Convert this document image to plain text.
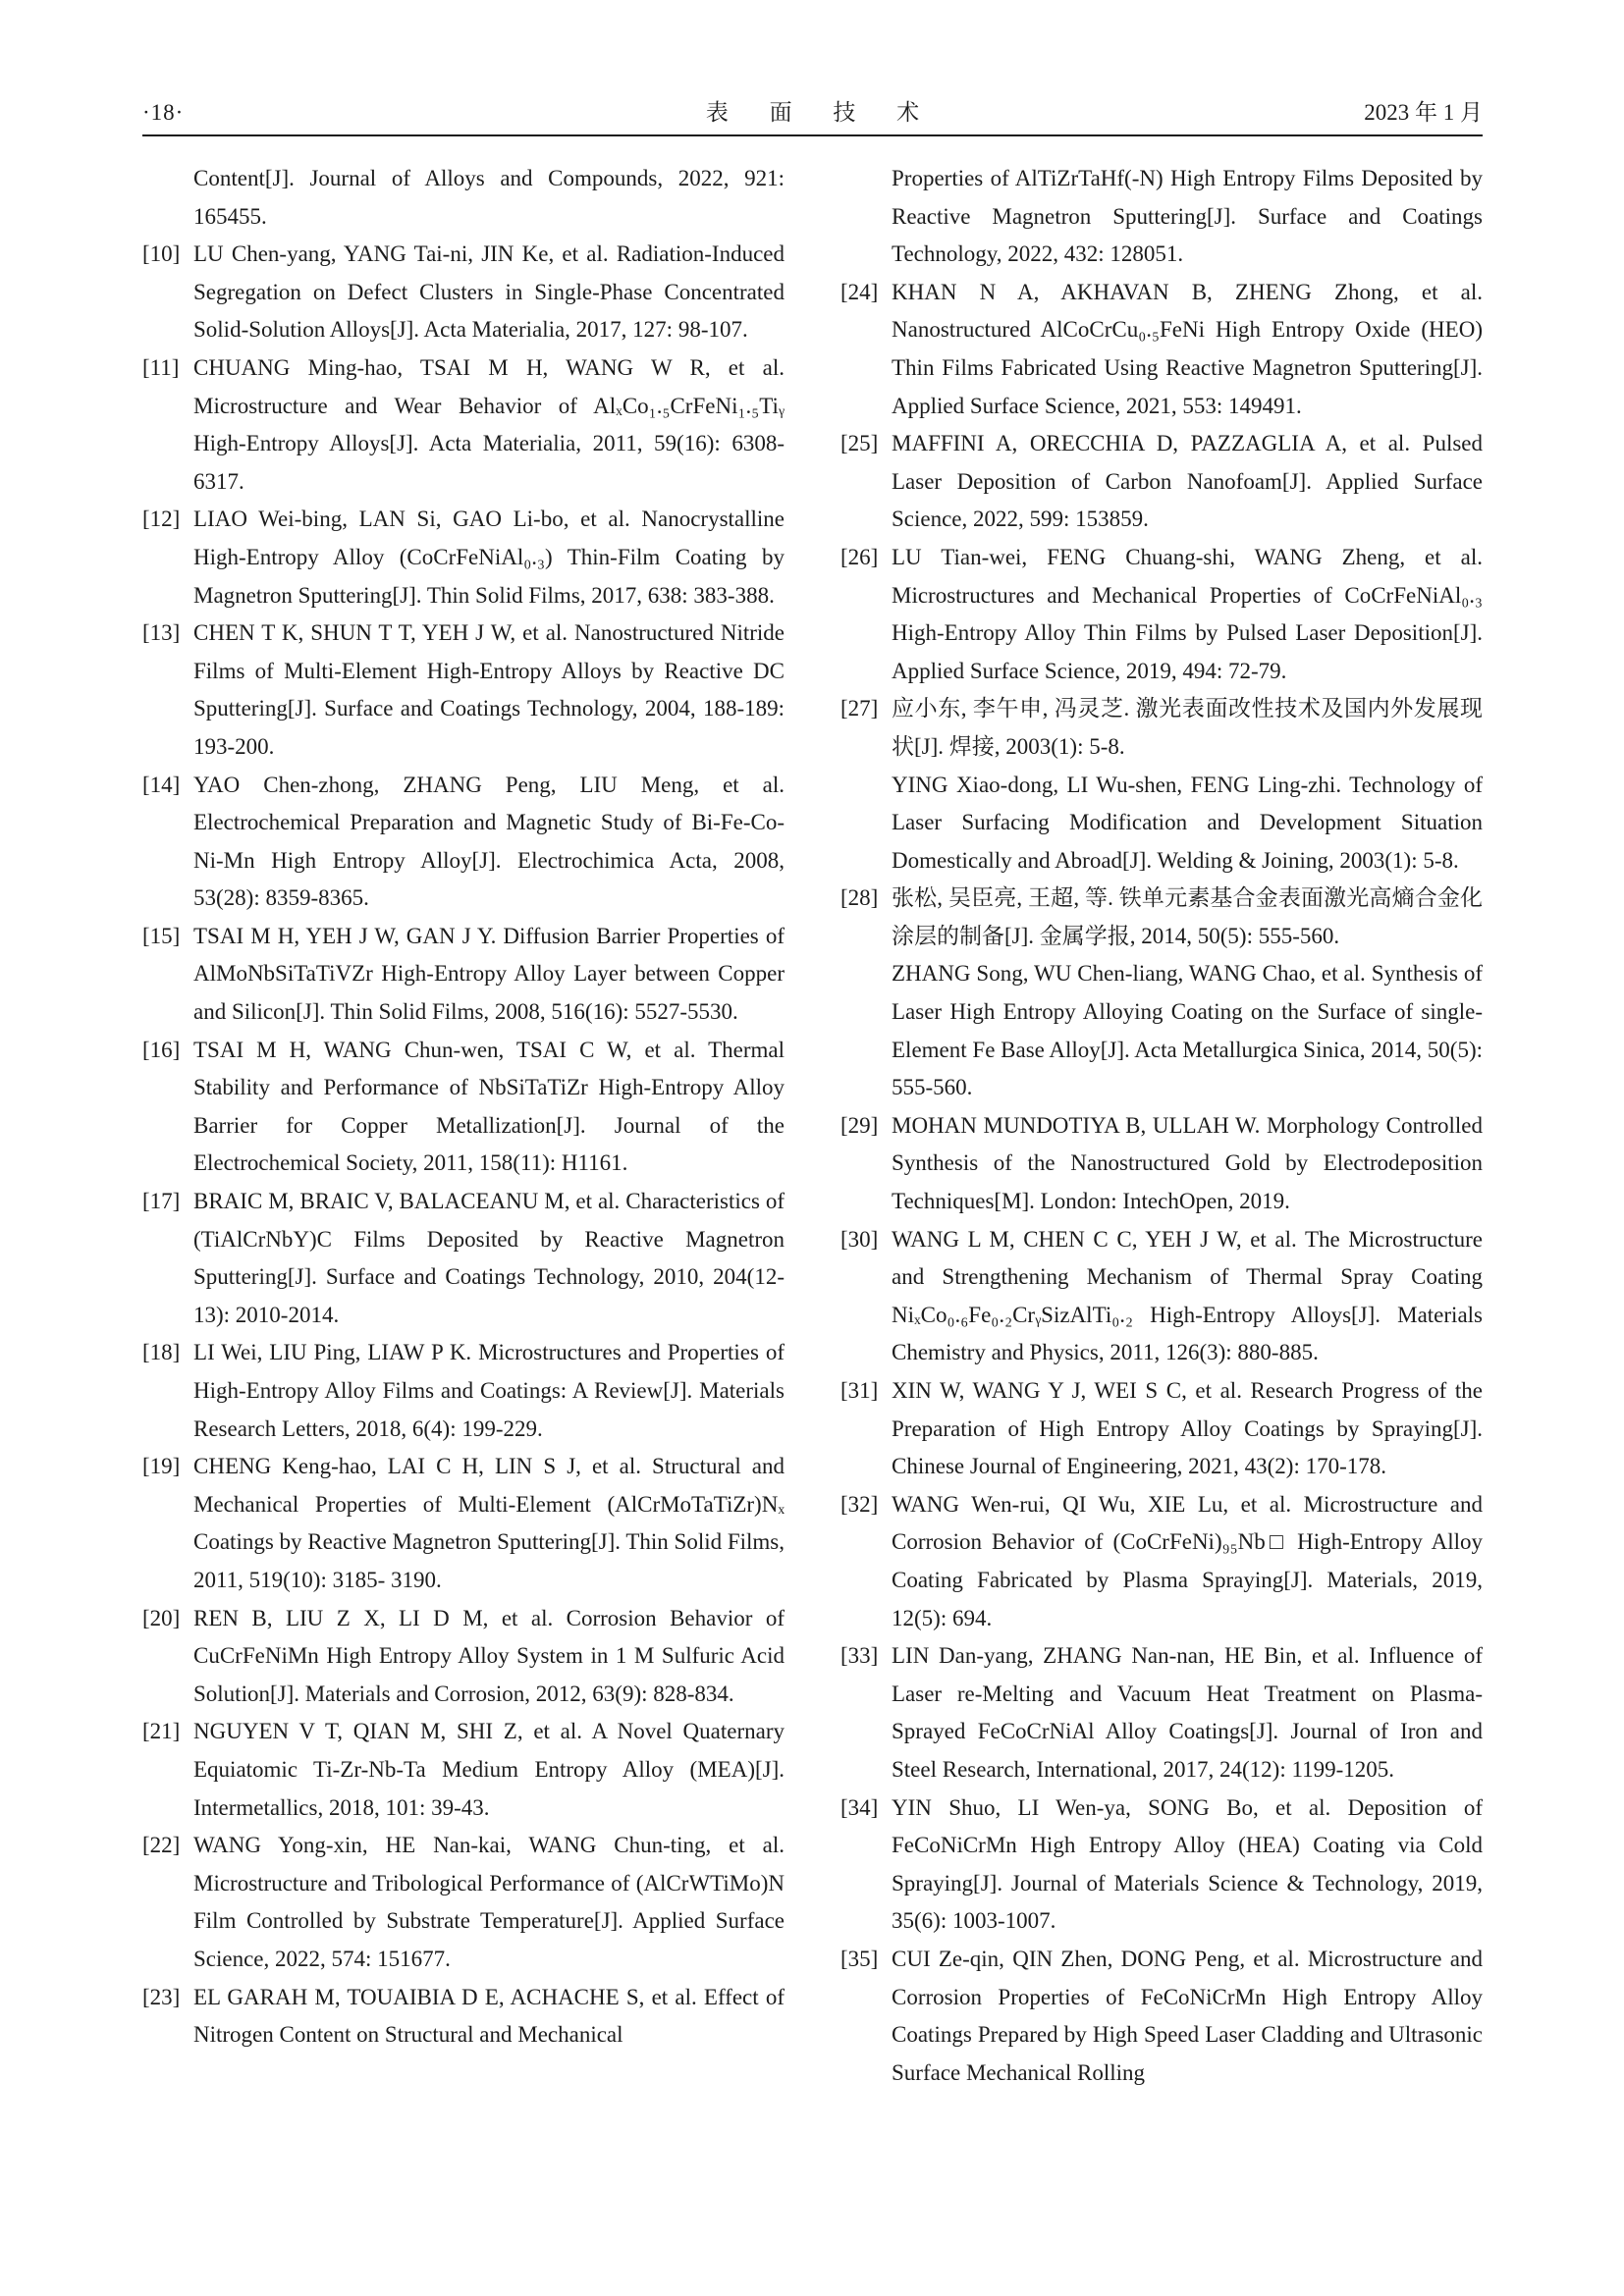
·18·	表 面 技 术	2023 年 1 月
Content[J]. Journal of Alloys and Compounds, 2022, 921: 165455.
[10] LU Chen-yang, YANG Tai-ni, JIN Ke, et al. Radiation-Induced Segregation on Defect Clusters in Single-Phase Concentrated Solid-Solution Alloys[J]. Acta Materialia, 2017, 127: 98-107.
[11] CHUANG Ming-hao, TSAI M H, WANG W R, et al. Microstructure and Wear Behavior of AlₓCo₁.₅CrFeNi₁.₅Tiᵧ High-Entropy Alloys[J]. Acta Materialia, 2011, 59(16): 6308-6317.
[12] LIAO Wei-bing, LAN Si, GAO Li-bo, et al. Nanocrystalline High-Entropy Alloy (CoCrFeNiAl₀.₃) Thin-Film Coating by Magnetron Sputtering[J]. Thin Solid Films, 2017, 638: 383-388.
[13] CHEN T K, SHUN T T, YEH J W, et al. Nanostructured Nitride Films of Multi-Element High-Entropy Alloys by Reactive DC Sputtering[J]. Surface and Coatings Technology, 2004, 188-189: 193-200.
[14] YAO Chen-zhong, ZHANG Peng, LIU Meng, et al. Electrochemical Preparation and Magnetic Study of Bi-Fe-Co-Ni-Mn High Entropy Alloy[J]. Electrochimica Acta, 2008, 53(28): 8359-8365.
[15] TSAI M H, YEH J W, GAN J Y. Diffusion Barrier Properties of AlMoNbSiTaTiVZr High-Entropy Alloy Layer between Copper and Silicon[J]. Thin Solid Films, 2008, 516(16): 5527-5530.
[16] TSAI M H, WANG Chun-wen, TSAI C W, et al. Thermal Stability and Performance of NbSiTaTiZr High-Entropy Alloy Barrier for Copper Metallization[J]. Journal of the Electrochemical Society, 2011, 158(11): H1161.
[17] BRAIC M, BRAIC V, BALACEANU M, et al. Characteristics of (TiAlCrNbY)C Films Deposited by Reactive Magnetron Sputtering[J]. Surface and Coatings Technology, 2010, 204(12-13): 2010-2014.
[18] LI Wei, LIU Ping, LIAW P K. Microstructures and Properties of High-Entropy Alloy Films and Coatings: A Review[J]. Materials Research Letters, 2018, 6(4): 199-229.
[19] CHENG Keng-hao, LAI C H, LIN S J, et al. Structural and Mechanical Properties of Multi-Element (AlCrMoTaTiZr)Nₓ Coatings by Reactive Magnetron Sputtering[J]. Thin Solid Films, 2011, 519(10): 3185- 3190.
[20] REN B, LIU Z X, LI D M, et al. Corrosion Behavior of CuCrFeNiMn High Entropy Alloy System in 1 M Sulfuric Acid Solution[J]. Materials and Corrosion, 2012, 63(9): 828-834.
[21] NGUYEN V T, QIAN M, SHI Z, et al. A Novel Quaternary Equiatomic Ti-Zr-Nb-Ta Medium Entropy Alloy (MEA)[J]. Intermetallics, 2018, 101: 39-43.
[22] WANG Yong-xin, HE Nan-kai, WANG Chun-ting, et al. Microstructure and Tribological Performance of (AlCrWTiMo)N Film Controlled by Substrate Temperature[J]. Applied Surface Science, 2022, 574: 151677.
[23] EL GARAH M, TOUAIBIA D E, ACHACHE S, et al. Effect of Nitrogen Content on Structural and Mechanical
Properties of AlTiZrTaHf(-N) High Entropy Films Deposited by Reactive Magnetron Sputtering[J]. Surface and Coatings Technology, 2022, 432: 128051.
[24] KHAN N A, AKHAVAN B, ZHENG Zhong, et al. Nanostructured AlCoCrCu₀.₅FeNi High Entropy Oxide (HEO) Thin Films Fabricated Using Reactive Magnetron Sputtering[J]. Applied Surface Science, 2021, 553: 149491.
[25] MAFFINI A, ORECCHIA D, PAZZAGLIA A, et al. Pulsed Laser Deposition of Carbon Nanofoam[J]. Applied Surface Science, 2022, 599: 153859.
[26] LU Tian-wei, FENG Chuang-shi, WANG Zheng, et al. Microstructures and Mechanical Properties of CoCrFeNiAl₀.₃ High-Entropy Alloy Thin Films by Pulsed Laser Deposition[J]. Applied Surface Science, 2019, 494: 72-79.
[27] 应小东, 李午申, 冯灵芝. 激光表面改性技术及国内外发展现状[J]. 焊接, 2003(1): 5-8.
YING Xiao-dong, LI Wu-shen, FENG Ling-zhi. Technology of Laser Surfacing Modification and Development Situation Domestically and Abroad[J]. Welding & Joining, 2003(1): 5-8.
[28] 张松, 吴臣亮, 王超, 等. 铁单元素基合金表面激光高熵合金化涂层的制备[J]. 金属学报, 2014, 50(5): 555-560.
ZHANG Song, WU Chen-liang, WANG Chao, et al. Synthesis of Laser High Entropy Alloying Coating on the Surface of single-Element Fe Base Alloy[J]. Acta Metallurgica Sinica, 2014, 50(5): 555-560.
[29] MOHAN MUNDOTIYA B, ULLAH W. Morphology Controlled Synthesis of the Nanostructured Gold by Electrodeposition Techniques[M]. London: IntechOpen, 2019.
[30] WANG L M, CHEN C C, YEH J W, et al. The Microstructure and Strengthening Mechanism of Thermal Spray Coating NiₓCo₀.₆Fe₀.₂CrᵧSizAlTi₀.₂ High-Entropy Alloys[J]. Materials Chemistry and Physics, 2011, 126(3): 880-885.
[31] XIN W, WANG Y J, WEI S C, et al. Research Progress of the Preparation of High Entropy Alloy Coatings by Spraying[J]. Chinese Journal of Engineering, 2021, 43(2): 170-178.
[32] WANG Wen-rui, QI Wu, XIE Lu, et al. Microstructure and Corrosion Behavior of (CoCrFeNi)₉₅Nb□ High-Entropy Alloy Coating Fabricated by Plasma Spraying[J]. Materials, 2019, 12(5): 694.
[33] LIN Dan-yang, ZHANG Nan-nan, HE Bin, et al. Influence of Laser re-Melting and Vacuum Heat Treatment on Plasma-Sprayed FeCoCrNiAl Alloy Coatings[J]. Journal of Iron and Steel Research, International, 2017, 24(12): 1199-1205.
[34] YIN Shuo, LI Wen-ya, SONG Bo, et al. Deposition of FeCoNiCrMn High Entropy Alloy (HEA) Coating via Cold Spraying[J]. Journal of Materials Science & Technology, 2019, 35(6): 1003-1007.
[35] CUI Ze-qin, QIN Zhen, DONG Peng, et al. Microstructure and Corrosion Properties of FeCoNiCrMn High Entropy Alloy Coatings Prepared by High Speed Laser Cladding and Ultrasonic Surface Mechanical Rolling
